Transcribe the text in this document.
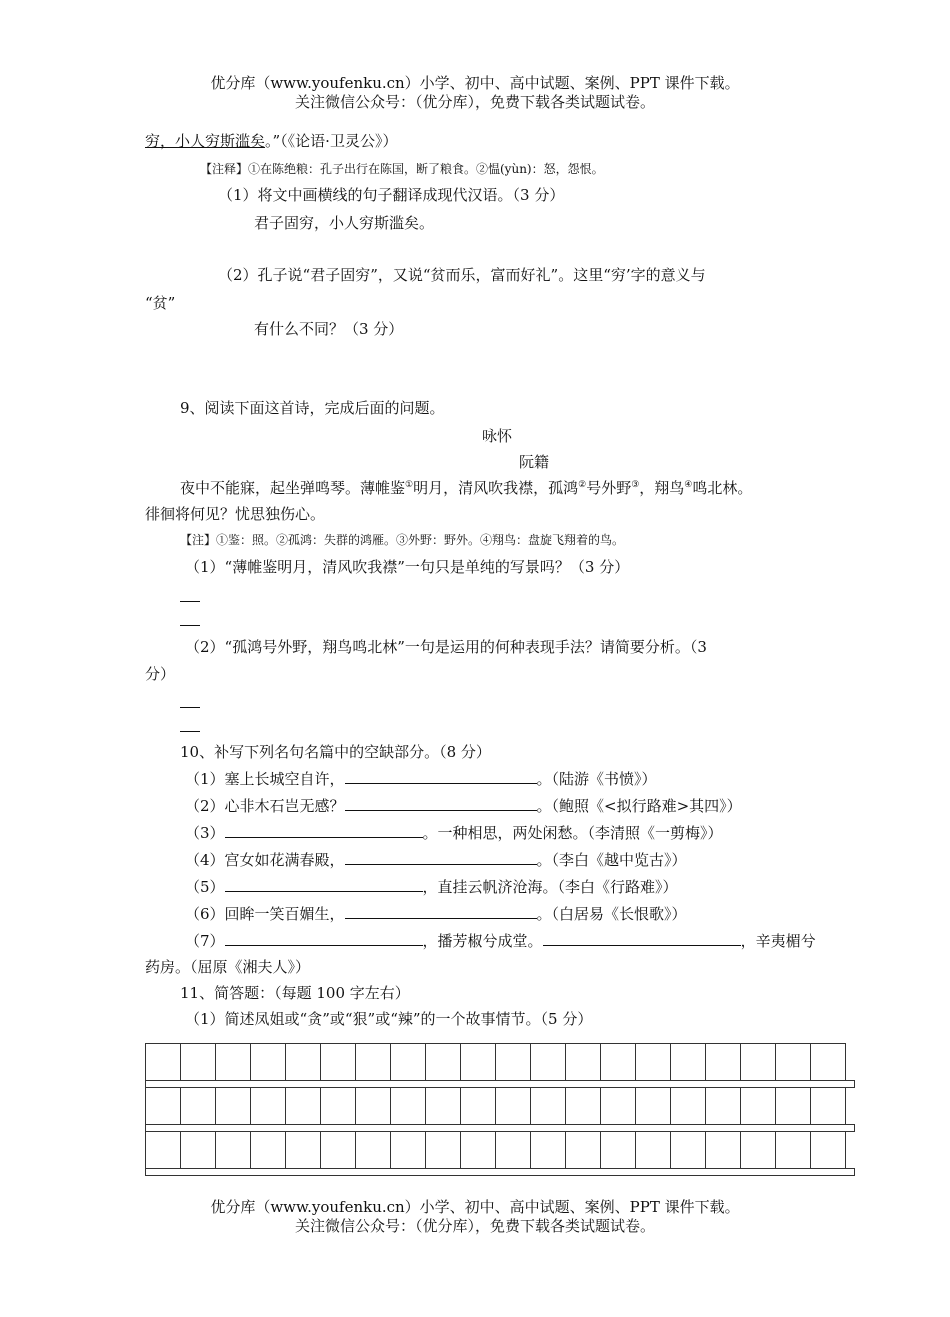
优分库（www.youfenku.cn）小学、初中、高中试题、案例、PPT 课件下载。
关注微信公众号：（优分库），免费下载各类试题试卷。
穷，小人穷斯滥矣。”（《论语·卫灵公》）
【注释】①在陈绝粮：孔子出行在陈国，断了粮食。②愠(yùn)：怒，怨恨。
（1）将文中画横线的句子翻译成现代汉语。（3 分）
君子固穷，小人穷斯滥矣。
（2）孔子说“君子固穷”，又说“贫而乐，富而好礼”。这里“穷’字的意义与
“贫”
有什么不同？（3 分）
9、阅读下面这首诗，完成后面的问题。
咏怀
阮籍
夜中不能寐，起坐弹鸣琴。薄帷鉴①明月，清风吹我襟，孤鸿②号外野③，翔鸟④鸣北林。
徘徊将何见？忧思独伤心。
【注】①鉴：照。②孤鸿：失群的鸿雁。③外野：野外。④翔鸟：盘旋飞翔着的鸟。
（1）“薄帷鉴明月，清风吹我襟”一句只是单纯的写景吗？（3 分）
（2）“孤鸿号外野，翔鸟鸣北林”一句是运用的何种表现手法？请简要分析。（3
分）
10、补写下列名句名篇中的空缺部分。（8 分）
（1）塞上长城空自许，	。（陆游《书愤》）
（2）心非木石岂无感？	。（鲍照《<拟行路难>其四》）
（3）	。一种相思，两处闲愁。（李清照《一剪梅》）
（4）宫女如花满春殿，	。（李白《越中览古》）
（5）	，直挂云帆济沧海。（李白《行路难》）
（6）回眸一笑百媚生，	。（白居易《长恨歌》）
（7）	，播芳椒兮成堂。	，辛夷楣兮
药房。（屈原《湘夫人》）
11、简答题：（每题 100 字左右）
（1）简述凤姐或“贪”或“狠”或“辣”的一个故事情节。（5 分）

优分库（www.youfenku.cn）小学、初中、高中试题、案例、PPT 课件下载。
关注微信公众号：（优分库），免费下载各类试题试卷。
